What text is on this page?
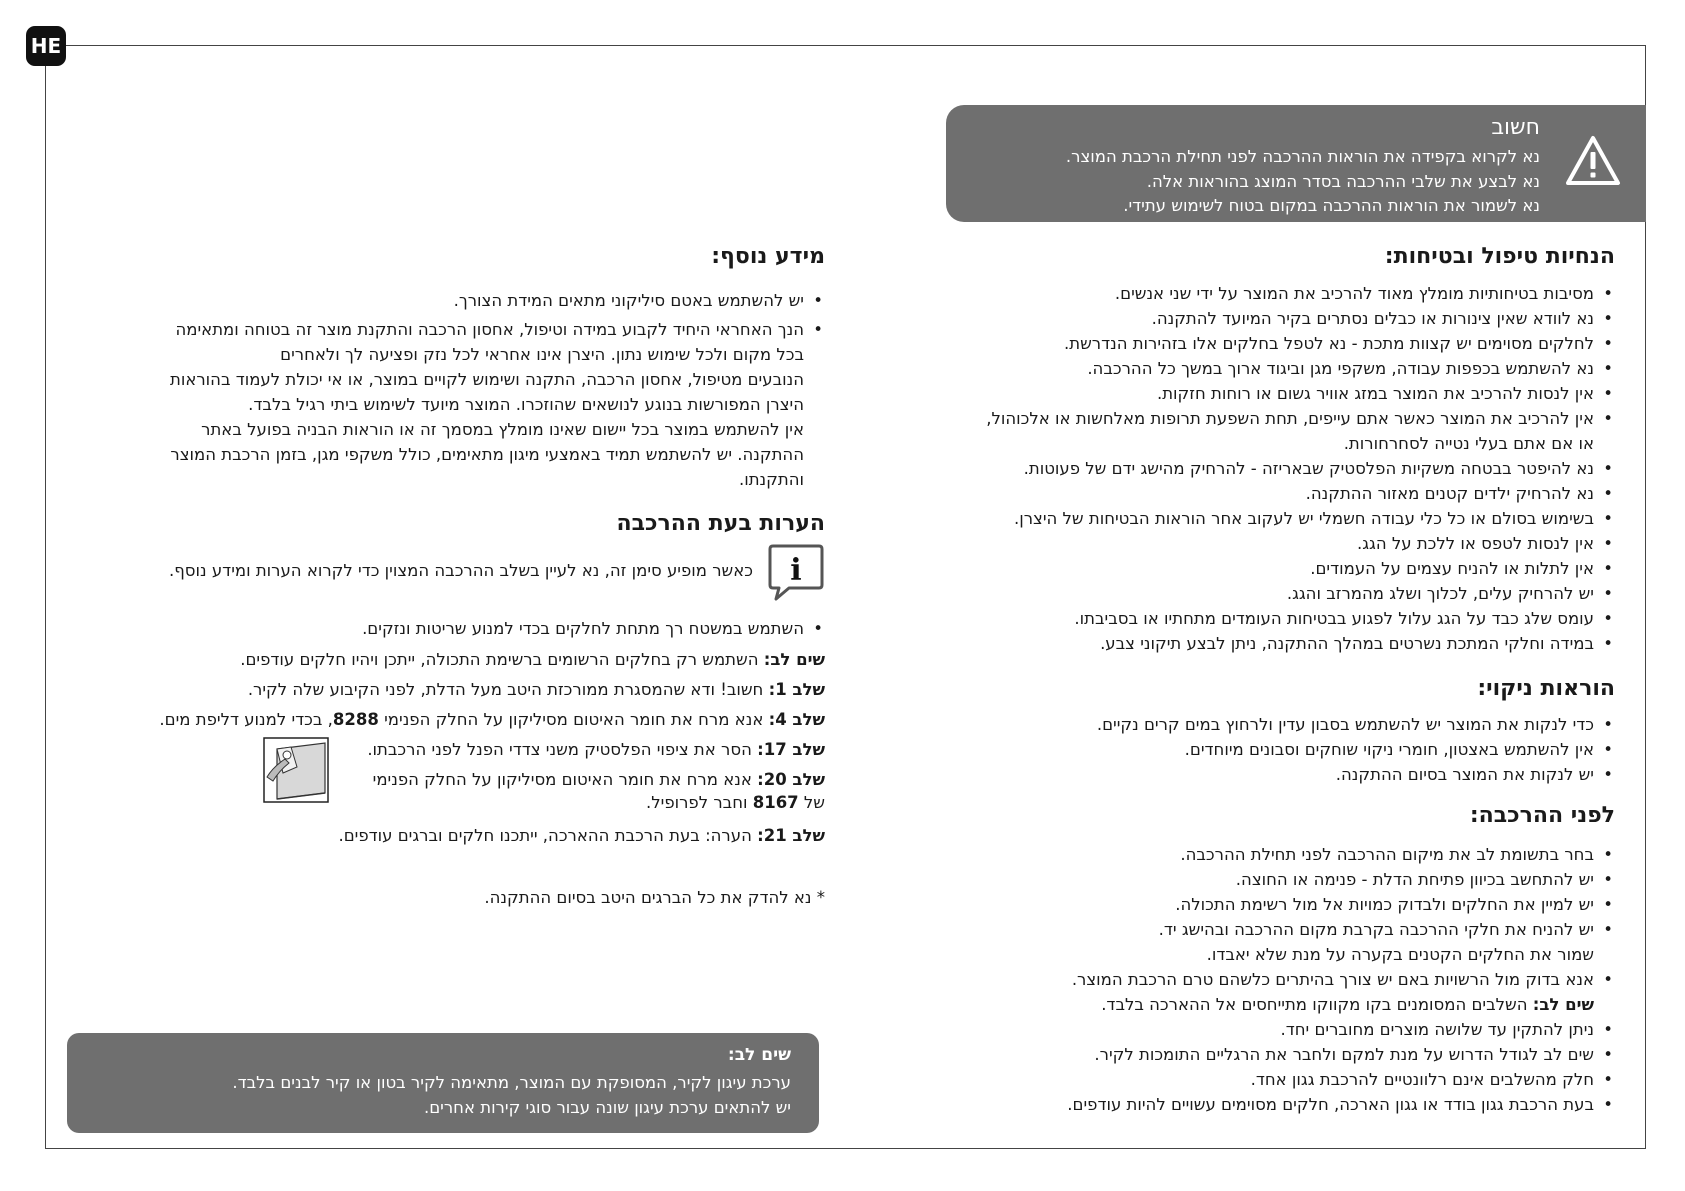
HE
חשוב
נא לקרוא בקפידה את הוראות ההרכבה לפני תחילת הרכבת המוצר.
נא לבצע את שלבי ההרכבה בסדר המוצג בהוראות אלה.
נא לשמור את הוראות ההרכבה במקום בטוח לשימוש עתידי.
הנחיות טיפול ובטיחות:
• מסיבות בטיחותיות מומלץ מאוד להרכיב את המוצר על ידי שני אנשים.
• נא לוודא שאין צינורות או כבלים נסתרים בקיר המיועד להתקנה.
• לחלקים מסוימים יש קצוות מתכת - נא לטפל בחלקים אלו בזהירות הנדרשת.
• נא להשתמש בכפפות עבודה, משקפי מגן וביגוד ארוך במשך כל ההרכבה.
• אין לנסות להרכיב את המוצר במזג אוויר גשום או רוחות חזקות.
• אין להרכיב את המוצר כאשר אתם עייפים, תחת השפעת תרופות מאלחשות או אלכוהול,
או אם אתם בעלי נטייה לסחרחורות.
• נא להיפטר בבטחה משקיות הפלסטיק שבאריזה - להרחיק מהישג ידם של פעוטות.
• נא להרחיק ילדים קטנים מאזור ההתקנה.
• בשימוש בסולם או כל כלי עבודה חשמלי יש לעקוב אחר הוראות הבטיחות של היצרן.
• אין לנסות לטפס או ללכת על הגג.
• אין לתלות או להניח עצמים על העמודים.
• יש להרחיק עלים, לכלוך ושלג מהמרזב והגג.
• עומס שלג כבד על הגג עלול לפגוע בבטיחות העומדים מתחתיו או בסביבתו.
• במידה וחלקי המתכת נשרטים במהלך ההתקנה, ניתן לבצע תיקוני צבע.
הוראות ניקוי:
• כדי לנקות את המוצר יש להשתמש בסבון עדין ולרחוץ במים קרים נקיים.
• אין להשתמש באצטון, חומרי ניקוי שוחקים וסבונים מיוחדים.
• יש לנקות את המוצר בסיום ההתקנה.
לפני ההרכבה:
• בחר בתשומת לב את מיקום ההרכבה לפני תחילת ההרכבה.
• יש להתחשב בכיוון פתיחת הדלת - פנימה או החוצה.
• יש למיין את החלקים ולבדוק כמויות אל מול רשימת התכולה.
• יש להניח את חלקי ההרכבה בקרבת מקום ההרכבה ובהישג יד.
שמור את החלקים הקטנים בקערה על מנת שלא יאבדו.
• אנא בדוק מול הרשויות באם יש צורך בהיתרים כלשהם טרם הרכבת המוצר.
שים לב: השלבים המסומנים בקו מקווקו מתייחסים אל ההארכה בלבד.
• ניתן להתקין עד שלושה מוצרים מחוברים יחד.
• שים לב לגודל הדרוש על מנת למקם ולחבר את הרגליים התומכות לקיר.
• חלק מהשלבים אינם רלוונטיים להרכבת גגון אחד.
• בעת הרכבת גגון בודד או גגון הארכה, חלקים מסוימים עשויים להיות עודפים.
מידע נוסף:
• יש להשתמש באטם סיליקוני מתאים המידת הצורך.
• הנך האחראי היחיד לקבוע במידה וטיפול, אחסון הרכבה והתקנת מוצר זה בטוחה ומתאימה
בכל מקום ולכל שימוש נתון. היצרן אינו אחראי לכל נזק ופציעה לך ולאחרים
הנובעים מטיפול, אחסון הרכבה, התקנה ושימוש לקויים במוצר, או אי יכולת לעמוד בהוראות
היצרן המפורשות בנוגע לנושאים שהוזכרו. המוצר מיועד לשימוש ביתי רגיל בלבד.
אין להשתמש במוצר בכל יישום שאינו מומלץ במסמך זה או הוראות הבניה בפועל באתר
ההתקנה. יש להשתמש תמיד באמצעי מיגון מתאימים, כולל משקפי מגן, בזמן הרכבת המוצר
והתקנתו.
הערות בעת ההרכבה
i
כאשר מופיע סימן זה, נא לעיין בשלב ההרכבה המצוין כדי לקרוא הערות ומידע נוסף.
• השתמש במשטח רך מתחת לחלקים בכדי למנוע שריטות ונזקים.
שים לב: השתמש רק בחלקים הרשומים ברשימת התכולה, ייתכן ויהיו חלקים עודפים.
שלב 1: חשוב! ודא שהמסגרת ממורכזת היטב מעל הדלת, לפני הקיבוע שלה לקיר.
שלב 4: אנא מרח את חומר האיטום מסיליקון על החלק הפנימי 8288, בכדי למנוע דליפת מים.
שלב 17: הסר את ציפוי הפלסטיק משני צדדי הפנל לפני הרכבתו.
שלב 20: אנא מרח את חומר האיטום מסיליקון על החלק הפנימי
של 8167 וחבר לפרופיל.
שלב 21: הערה: בעת הרכבת ההארכה, ייתכנו חלקים וברגים עודפים.
* נא להדק את כל הברגים היטב בסיום ההתקנה.
שים לב:
ערכת עיגון לקיר, המסופקת עם המוצר, מתאימה לקיר בטון או קיר לבנים בלבד.
יש להתאים ערכת עיגון שונה עבור סוגי קירות אחרים.
